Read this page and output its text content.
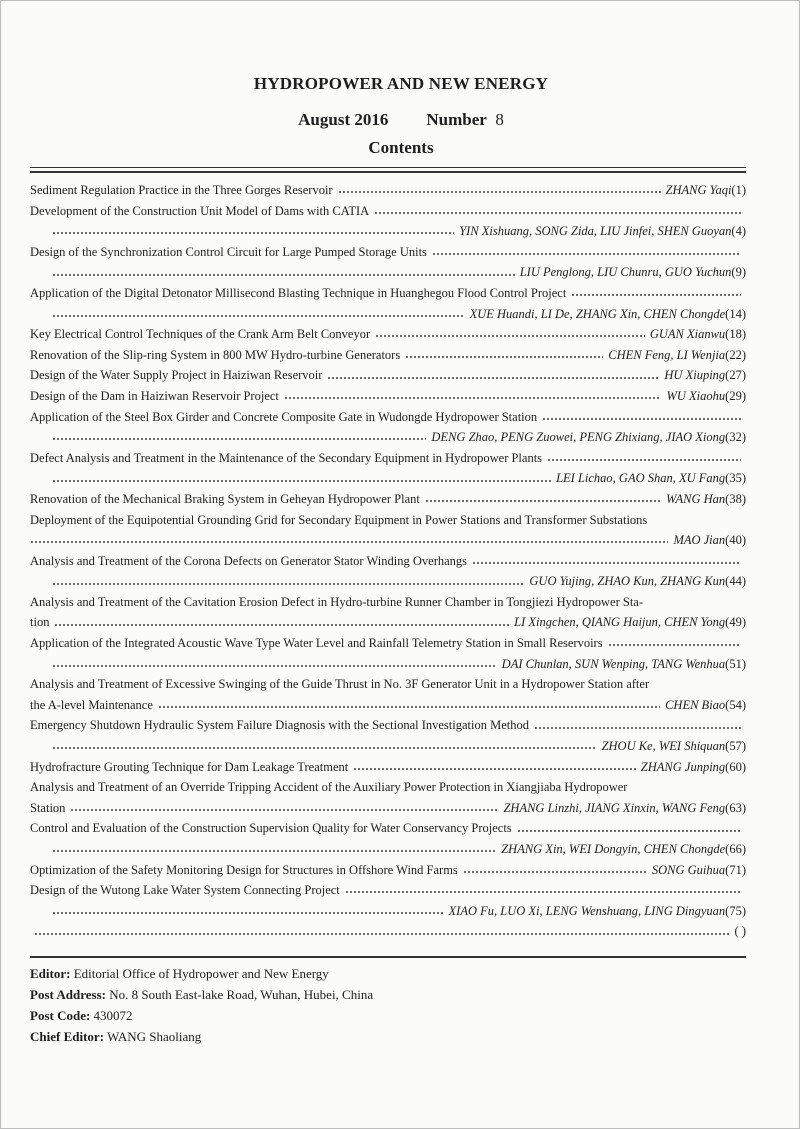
HYDROPOWER AND NEW ENERGY
August 2016 Number 8
Contents
Sediment Regulation Practice in the Three Gorges Reservoir	ZHANG Yaqi (1)
Development of the Construction Unit Model of Dams with CATIA
YIN Xishuang, SONG Zida, LIU Jinfei, SHEN Guoyan (4)
Design of the Synchronization Control Circuit for Large Pumped Storage Units
LIU Penglong, LIU Chunru, GUO Yuchun (9)
Application of the Digital Detonator Millisecond Blasting Technique in Huanghegou Flood Control Project
XUE Huandi, LI De, ZHANG Xin, CHEN Chongde (14)
Key Electrical Control Techniques of the Crank Arm Belt Conveyor	GUAN Xianwu (18)
Renovation of the Slip-ring System in 800 MW Hydro-turbine Generators	CHEN Feng, LI Wenjia (22)
Design of the Water Supply Project in Haiziwan Reservoir	HU Xiuping (27)
Design of the Dam in Haiziwan Reservoir Project	WU Xiaohu (29)
Application of the Steel Box Girder and Concrete Composite Gate in Wudongde Hydropower Station
DENG Zhao, PENG Zuowei, PENG Zhixiang, JIAO Xiong (32)
Defect Analysis and Treatment in the Maintenance of the Secondary Equipment in Hydropower Plants
LEI Lichao, GAO Shan, XU Fang (35)
Renovation of the Mechanical Braking System in Geheyan Hydropower Plant	WANG Han (38)
Deployment of the Equipotential Grounding Grid for Secondary Equipment in Power Stations and Transformer Substations
MAO Jian (40)
Analysis and Treatment of the Corona Defects on Generator Stator Winding Overhangs
GUO Yujing, ZHAO Kun, ZHANG Kun (44)
Analysis and Treatment of the Cavitation Erosion Defect in Hydro-turbine Runner Chamber in Tongjiezi Hydropower Sta-
tion	LI Xingchen, QIANG Haijun, CHEN Yong (49)
Application of the Integrated Acoustic Wave Type Water Level and Rainfall Telemetry Station in Small Reservoirs
DAI Chunlan, SUN Wenping, TANG Wenhua (51)
Analysis and Treatment of Excessive Swinging of the Guide Thrust in No. 3F Generator Unit in a Hydropower Station after
the A-level Maintenance	CHEN Biao (54)
Emergency Shutdown Hydraulic System Failure Diagnosis with the Sectional Investigation Method
ZHOU Ke, WEI Shiquan (57)
Hydrofracture Grouting Technique for Dam Leakage Treatment	ZHANG Junping (60)
Analysis and Treatment of an Override Tripping Accident of the Auxiliary Power Protection in Xiangjiaba Hydropower
Station	ZHANG Linzhi, JIANG Xinxin, WANG Feng (63)
Control and Evaluation of the Construction Supervision Quality for Water Conservancy Projects
ZHANG Xin, WEI Dongyin, CHEN Chongde (66)
Optimization of the Safety Monitoring Design for Structures in Offshore Wind Farms	SONG Guihua (71)
Design of the Wutong Lake Water System Connecting Project
XIAO Fu, LUO Xi, LENG Wenshuang, LING Dingyuan (75)
( )
Editor: Editorial Office of Hydropower and New Energy
Post Address: No. 8 South East-lake Road, Wuhan, Hubei, China
Post Code: 430072
Chief Editor: WANG Shaoliang
